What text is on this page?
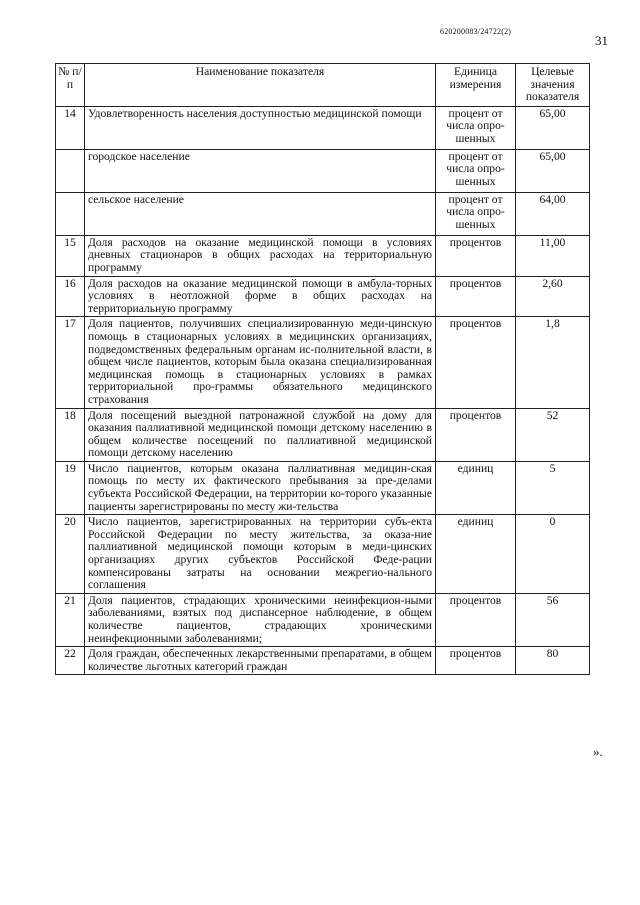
620200083/24722(2)
31
№ п/п	Наименование показателя	Единица измерения	Целевые значения показателя
14	Удовлетворенность населения доступностью медицинской помощи	процент от числа опро-шенных	65,00
	городское население	процент от числа опро-шенных	65,00
	сельское население	процент от числа опро-шенных	64,00
15	Доля расходов на оказание медицинской помощи в условиях дневных стационаров в общих расходах на территориальную программу	процентов	11,00
16	Доля расходов на оказание медицинской помощи в амбула-торных условиях в неотложной форме в общих расходах на территориальную программу	процентов	2,60
17	Доля пациентов, получивших специализированную меди-цинскую помощь в стационарных условиях в медицинских организациях, подведомственных федеральным органам ис-полнительной власти, в общем числе пациентов, которым была оказана специализированная медицинская помощь в стационарных условиях в рамках территориальной про-граммы обязательного медицинского страхования	процентов	1,8
18	Доля посещений выездной патронажной службой на дому для оказания паллиативной медицинской помощи детскому населению в общем количестве посещений по паллиативной медицинской помощи детскому населению	процентов	52
19	Число пациентов, которым оказана паллиативная медицин-ская помощь по месту их фактического пребывания за пре-делами субъекта Российской Федерации, на территории ко-торого указанные пациенты зарегистрированы по месту жи-тельства	единиц	5
20	Число пациентов, зарегистрированных на территории субъ-екта Российской Федерации по месту жительства, за оказа-ние паллиативной медицинской помощи которым в меди-цинских организациях других субъектов Российской Феде-рации компенсированы затраты на основании межрегио-нального соглашения	единиц	0
21	Доля пациентов, страдающих хроническими неинфекцион-ными заболеваниями, взятых под диспансерное наблюдение, в общем количестве пациентов, страдающих хроническими неинфекционными заболеваниями;	процентов	56
22	Доля граждан, обеспеченных лекарственными препаратами, в общем количестве льготных категорий граждан	процентов	80
».
